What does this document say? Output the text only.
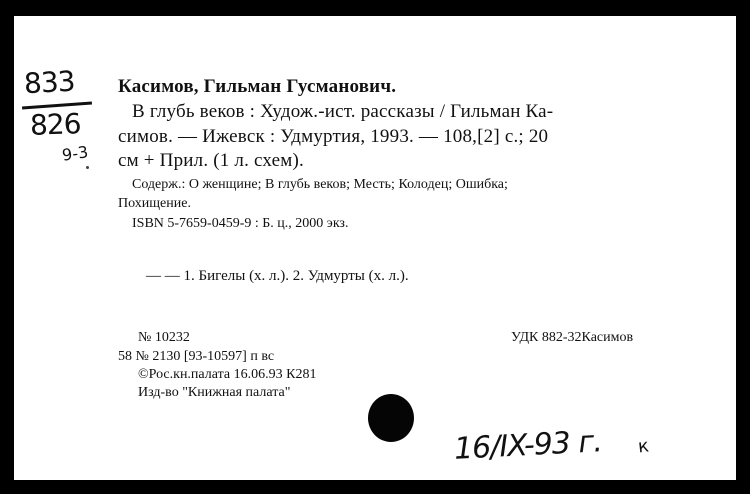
833
826
9-3
Касимов, Гильман Гусманович.
В глубь веков : Худож.-ист. рассказы / Гильман Ка-
симов. — Ижевск : Удмуртия, 1993. — 108,[2] с.; 20
см + Прил. (1 л. схем).
Содерж.: О женщине; В глубь веков; Месть; Колодец; Ошибка;
Похищение.
ISBN 5-7659-0459-9 : Б. ц., 2000 экз.
— — 1. Бигелы (х. л.). 2. Удмурты (х. л.).
№ 10232	УДК 882-32Касимов
58 № 2130 [93-10597] п вс
©Рос.кн.палата 16.06.93 К281
Изд-во "Книжная палата"
16/IX-93 г. к
